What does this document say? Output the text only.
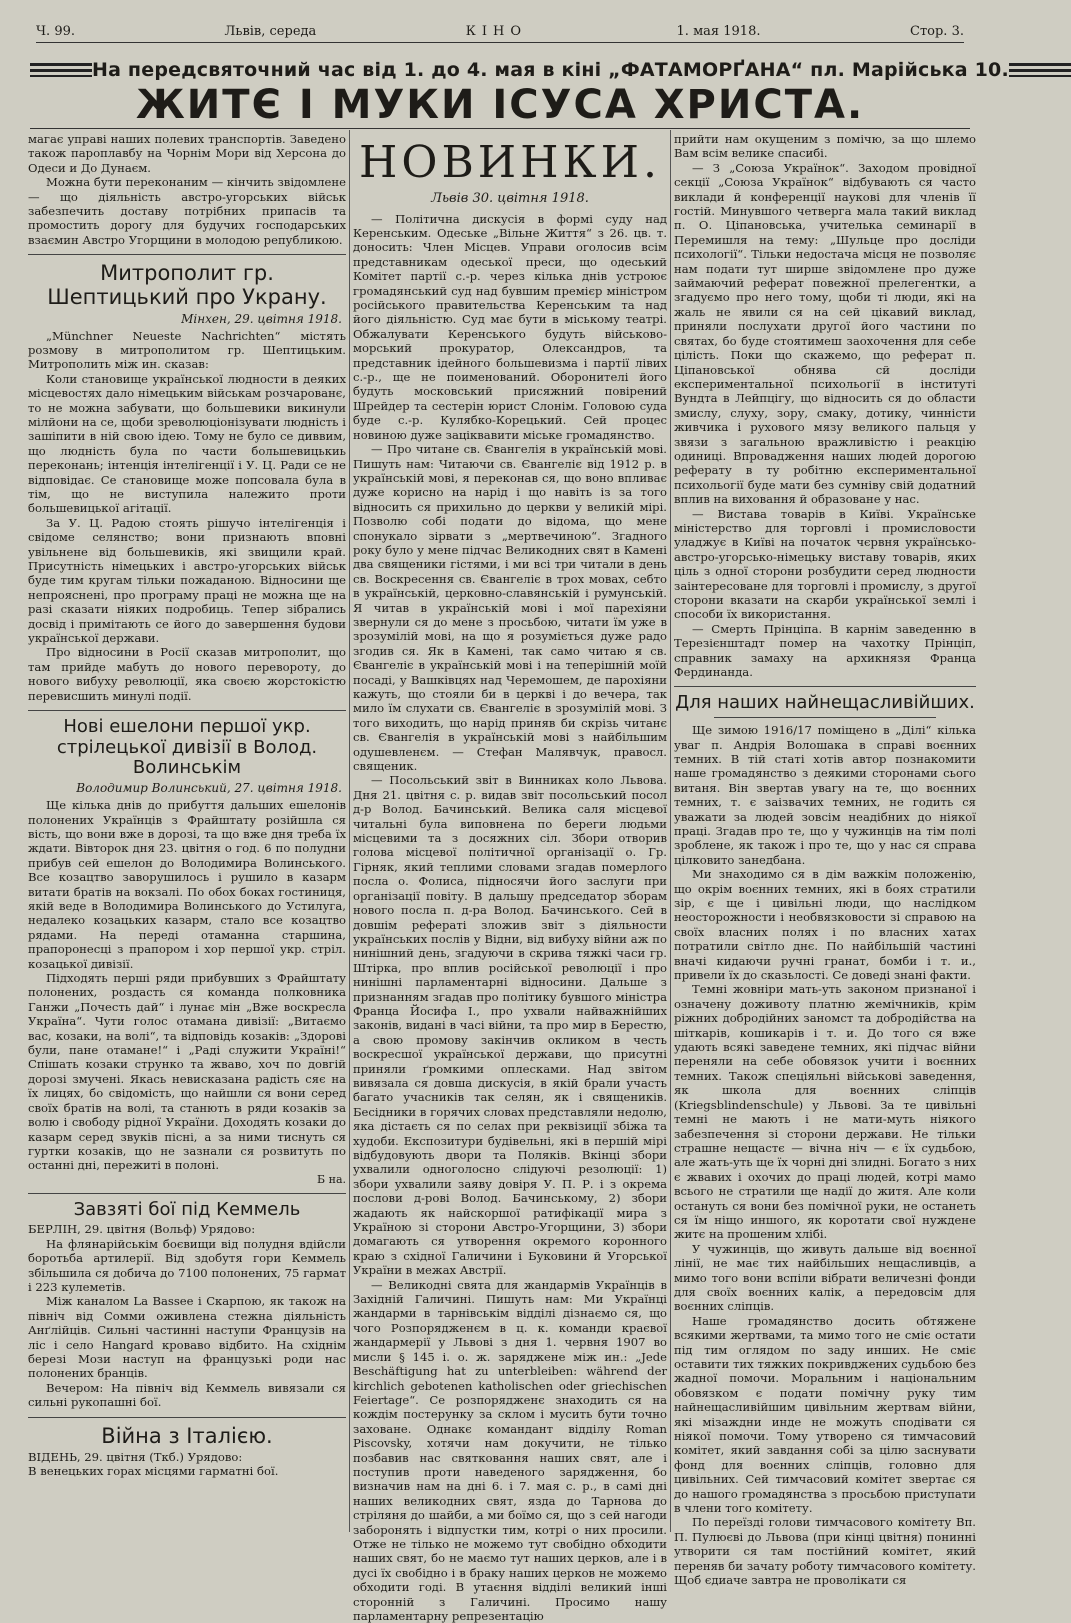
Ч. 99.	Львів, середа	КІНО	1. мая 1918.	Стор. 3.
На передсвяточний час від 1. до 4. мая в кіні „ФАТАМОРҐАНА“ пл. Марійська 10.
ЖИТЄ І МУКИ ІСУСА ХРИСТА.

магає управі наших полевих транспортів. Заведено також пароплавбу на Чорнім Мори від Херсона до Одеси и До Дунаєм.

Можна бути переконаним — кінчить звідомлене — що діяльність австро-угорських військ забезпечить доставу потрібних припасів та промостить дорогу для будучих господарських взаємин Австро Угорщини в молодою републикою.

Митрополит гр. Шептицький про Украну.
Мінхен, 29. цвітня 1918.

„Münchner Neueste Nachrichten“ містять розмову в митрополитом гр. Шептицьким. Митрополить між ин. сказав:

Коли становище української людности в деяких місцевостях дало німецьким військам розчарованє, то не можна забувати, що большевики викинули мілйони на се, щоби зреволюціонізувати людність і зашіпити в ній свою ідею. Тому не було се диввим, що людність була по части большевицькиь переконань; інтенція інтелігенції і У. Ц. Ради се не відповідає. Се становище може попсовала була в тім, що не виступила належито проти большевицької агітації.

За У. Ц. Радою стоять рішучо інтелігенція і свідоме селянство; вони признають вповні увільнене від большевиків, які звищили край. Присутність німецьких і австро-угорських військ буде тим кругам тільки пожаданою. Відносини ще непрояснені, про програму праці не можна ще на разі сказати ніяких подробиць. Тепер зібрались досвід і примітають се його до завершення будови української держави.

Про відносини в Росії сказав митрополит, що там прийде мабуть до нового перевороту, до нового вибуху революції, яка своєю жорстокістю перевисшить минулі події.

Нові ешелони першої укр. стрілецької дивізії в Волод. Волинськім
Володимир Волинський, 27. цвітня 1918.

Ще кілька днів до прибуття дальших ешелонів полонених Українців з Фрайштату розійшла ся вість, що вони вже в дорозі, та що вже дня треба їх ждати. Вівторок дня 23. цвітня о год. 6 по полудни прибув сей ешелон до Володимира Волинського. Все козацтво заворушилось і рушило в казарм витати братів на вокзалі. По обох боках гостиниця, якій веде в Володимира Волинського до Устилуга, недалеко козацьких казарм, стало все козацтво рядами. На переді отаманна старшина, прапоронесці з прапором і хор першої укр. стріл. козацької дивізії.

Підходять перші ряди прибувших з Фрайштату полонених, роздасть ся команда полковника Ганжи „Почесть дай“ і лунає мін „Вже воскресла Україна“. Чути голос отамана дивізії: „Витаємо вас, козаки, на волі“, та відповідь козаків: „Здорові були, пане отамане!“ і „Раді служити Україні!“ Спішать козаки струнко та жваво, хоч по довгій дорозі змучені. Якась невисказана радість сяє на їх лицях, бо свідомість, що найшли ся вони серед своїх братів на волі, та станють в ряди козаків за волю і свободу рідної України. Доходять козаки до казарм серед звуків пісні, а за ними тиснуть ся гуртки козаків, що не зазнали ся розвитуть по останні дні, пережиті в полоні.

Б на.
Завзяті бої під Кеммель

БЕРЛІН, 29. цвітня (Вольф) Урядово:

На флянарійськім боєвищи від полудня вдійсли боротьба артилерії. Від здобутя гори Кеммель збільшила ся добича до 7100 полонених, 75 гармат і 223 кулеметів.

Між каналом La Bassee і Скарпою, як також на північ від Сомми оживлена стежна діяльність Анґлійців. Сильні частинні наступи Французів на ліс і село Hangard кроваво відбито. На східнім березі Мози наступ на французькі роди нас полонених бранців.

Вечером: На північ від Кеммель вивязали ся сильні рукопашні бої.

Війна з Італією.

ВІДЕНЬ, 29. цвітня (Ткб.) Урядово:

В венецьких горах місцями гарматні бої.

НОВИНКИ.
Львів 30. цвітня 1918.

— Політична дискусія в формі суду над Керенським. Одеське „Вільне Життя“ з 26. цв. т. доносить: Член Місцев. Управи оголосив всім представникам одеської преси, що одеський Комітет партії с.-р. через кілька днів устроює громадянський суд над бувшим премієр міністром російського правительства Керенським та над його діяльністю. Суд має бути в міському театрі. Обжалувати Керенського будуть військово-морський прокуратор, Олександров, та представник ідейного большевизма і партії лівих с.-р., ще не поименований. Оборонителі його будуть московський присяжний повірений Шрейдер та сестерін юрист Слонім. Головою суда буде с.-р. Кулябко-Корецький. Сей процес новиною дуже заціквавити міське громадянство.

— Про читане св. Євангелія в українській мові. Пишуть нам: Читаючи св. Євангеліє від 1912 р. в українській мові, я переконав ся, що воно впливає дуже корисно на нарід і що навіть із за того відносить ся прихильно до церкви у великій мірі. Позволю собі подати до відома, що мене спонукало зірвати з „мертвечиною“. Згадного року було у мене підчас Великодних свят в Камені два священики гістями, і ми всі три читали в день св. Воскресення св. Євангеліє в трох мовах, себто в українській, церковно-славянській і румунській. Я читав в українській мові і мої парехіяни звернули ся до мене з просьбою, читати їм уже в зрозумілій мові, на що я розуміється дуже радо згодив ся. Як в Камені, так само читаю я св. Євангеліє в українській мові і на теперішній моїй посаді, у Вашківцях над Черемошем, де парохіяни кажуть, що стояли би в церкві і до вечера, так мило їм слухати св. Євангеліє в зрозумілій мові. З того виходить, що нарід приняв би скрізь читанє св. Євангелія в українській мові з найбільшим одушевленєм. — Стефан Малявчук, правосл. священик.

— Посольський звіт в Винниках коло Львова. Дня 21. цвітня с. р. видав звіт посольський посол д-р Волод. Бачинський. Велика саля місцевої читальні була виповнена по береги людьми місцевими та з досяжних сіл. Збори отворив голова місцевої політичної організації о. Гр. Гірняк, який теплими словами згадав померлого посла о. Фолиса, підносячи його заслуги при організації повіту. В дальшу председатор зборам нового посла п. д-ра Волод. Бачинського. Сей в довшім рефераті зложив звіт з діяльности українських послів у Відни, від вибуху війни аж по нинішний день, згадуючи в скрива тяжкі часи гр. Штірка, про вплив російської революції і про нинішні парламентарні відносини. Дальше з признанням згадав про політику бувшого міністра Франца Йосифа І., про ухвали найважнійших законів, видані в часі війни, та про мир в Берестю, а свою промову закінчив окликом в честь воскресшої української держави, що присутні приняли ґромкими оплесками. Над звітом вивязала ся довша дискусія, в якій брали участь багато учасників так селян, як і священиків. Бесідники в горячих словах представляли недолю, яка дістаєть ся по селах при реквізиції збіжа та худоби. Експозитури будівельні, які в першій мірі відбудовують двори та Поляків. Вкінці збори ухвалили одноголосно слідуючі резолюції: 1) збори ухвалили заяву довіря У. П. Р. і з окрема послови д-рові Волод. Бачинському, 2) збори жадають як найскоршої ратифікації мира з Україною зі сторони Австро-Угорщини, 3) збори домагають ся утворення окремого коронного краю з східної Галичини і Буковини й Угорської України в межах Австрії.

— Великодні свята для жандармів Українців в Західній Галичині. Пишуть нам: Ми Українці жандарми в тарнівськім відділі дізнаємо ся, що чого Розпорядженєм в ц. к. команди краєвої жандармерії у Львові з дня 1. червня 1907 во мисли § 145 і. о. ж. заряджене між ин.: „Jede Beschäftigung hat zu unterbleiben: während der kirchlich gebotenen katholischen oder griechischen Feiertage“. Се розпорядженє знаходить ся на кождім постерунку за склом і мусить бути точно заховане. Однакє командант відділу Roman Piscovsky, хотячи нам докучити, не тілько позбавив нас святковання наших свят, але і поступив проти наведеного зарядження, бо визначив нам на дні 6. і 7. мая с. р., в самі дні наших великодних свят, язда до Тарнова до стріляня до шайби, а ми боїмо ся, що з сей нагоди заборонять і відпустки тим, котрі о них просили. Отже не тілько не можемо тут свобідно обходити наших свят, бо не маємо тут наших церков, але і в дусі їх свобідно і в браку наших церков не можемо обходити годі. В утаєння відділі великий інші сторонній з Галичині. Просимо нашу парламентарну репрезентацію

прийти нам окущеним з помічю, за що шлемо Вам всім велике спасибі.

— З „Союза Українок“. Заходом провідної секції „Союза Українок“ відбувають ся часто виклади й конференції наукові для членів її гостій. Минувшого четверга мала такий виклад п. О. Ціпановська, учителька семинарії в Перемишля на тему: „Шульце про досліди психології“. Тільки недостача місця не позволяє нам подати тут ширше звідомлене про дуже займаючий реферат повежної прелегентки, а згадуємо про него тому, щоби ті люди, які на жаль не явили ся на сей цікавий виклад, приняли послухати другої його частини по святах, бо буде стоятимеш заохочення для себе цілість. Поки що скажемо, що реферат п. Ціпановської обнява сй досліди експериментальної психольогії в інституті Вундта в Лейпцігу, що відносить ся до области змислу, слуху, зору, смаку, дотику, чинністи живчика і рухового мязу великого пальця у звязи з загальною вражливістю і реакцію одиниці. Впровадження наших людей дорогою реферату в ту робітню експериментальної психольогії буде мати без сумніву свій додатний вплив на виховання й образоване у нас.

— Виставa товарів в Київі. Українське міністерство для торговлі і промисловости уладжує в Київі на початок чєрвня українсько-австро-угорсько-німецьку виставу товарів, яких ціль з одної сторони розбудити серед людности заінтересоване для торговлі і промислу, з другої сторони вказати на скарби української землі і способи їх використання.

— Смерть Прінціпа. В карнім заведенню в Терезієнштадт помер на чахотку Прінціп, справник замаху на архикнязя Франца Фердинанда.

Для наших найнещасливійших.

Ще зимою 1916/17 поміщено в „Ділі“ кілька уваг п. Андрія Волошака в справі воєнних темних. В тій статі хотів автор познакомити наше громадянство з деякими сторонами сього витаня. Він звертав увагу на те, що воєнних темних, т. є заізвачих темних, не годить ся уважати за людей зовсім неадібних до ніякої праці. Згадав про те, що у чужинців на тім полі зроблене, як також і про те, що у нас ся справа цілковито занедбана.

Ми знаходимо ся в дім важкім положенію, що окрім воєнних темних, які в боях стратили зір, є ще і цивільні люди, що наслідком неосторожности і необвязковости зі справою на своїх власних полях і по власних хатах потратили світло днє. По найбільшій частині вначі кидаючи ручні гранат, бомби і т. и., привели їх до сказьлості. Се доведі знані факти.

Темні жовніри мать-уть законом признаної і означену доживоту платню жемічників, крім ріжних добродійних заномст та добродійства на шіткарів, кошикарів і т. и. До того ся вже удають всякі заведене темних, які підчас війни переняли на себе обовязок учити і воєнних темних. Також спеціяльні військові заведення, як школа для воєнних сліпців (Kriegsblindenschule) у Львові. За те цивільні темні не мають і не мати-муть ніякого забезпечення зі сторони держави. Не тільки страшне нещастє — вічна ніч — є їх судьбою, але жать-уть ще їх чорні дні злидні. Богато з них є жвавих і охочих до праці людей, котрі мамо всього не стратили ще надії до житя. Але коли остануть ся вони без помічної руки, не останеть ся їм ніщо иншого, як коротати свої нуждене житє на прошеним хлібі.

У чужинців, що живуть дальше від воєнної лінії, не має тих найбільших нещасливців, а мимо того вони вспіли вібрати величезні фонди для своїх воєнних калік, а передовсім для воєнних сліпців.

Наше громадянство досить обтяжене всякими жертвами, та мимо того не сміє остати під тим оглядом по заду инших. Не сміє оставити тих тяжких покривджених судьбою без жадної помочи. Моральним і національним обовязком є подати помічну руку тим найнещасливійшим цивільним жертвам війни, які мізаждни инде не можуть сподівати ся ніякої помочи. Тому утворено ся тимчасовий комітет, який завдання собі за цілю заснувати фонд для воєнних сліпців, головно для цивільних. Сей тимчасовий комітет звертає ся до нашого громадянства з просьбою приступати в члени того комітету.

По переїзді голови тимчасового комітету Вп. П. Пулюєві до Львова (при кінці цвітня) понинні утворити ся там постійний комітет, який переняв би зачату роботу тимчасового комітету. Щоб єдиаче завтра не проволікати ся
